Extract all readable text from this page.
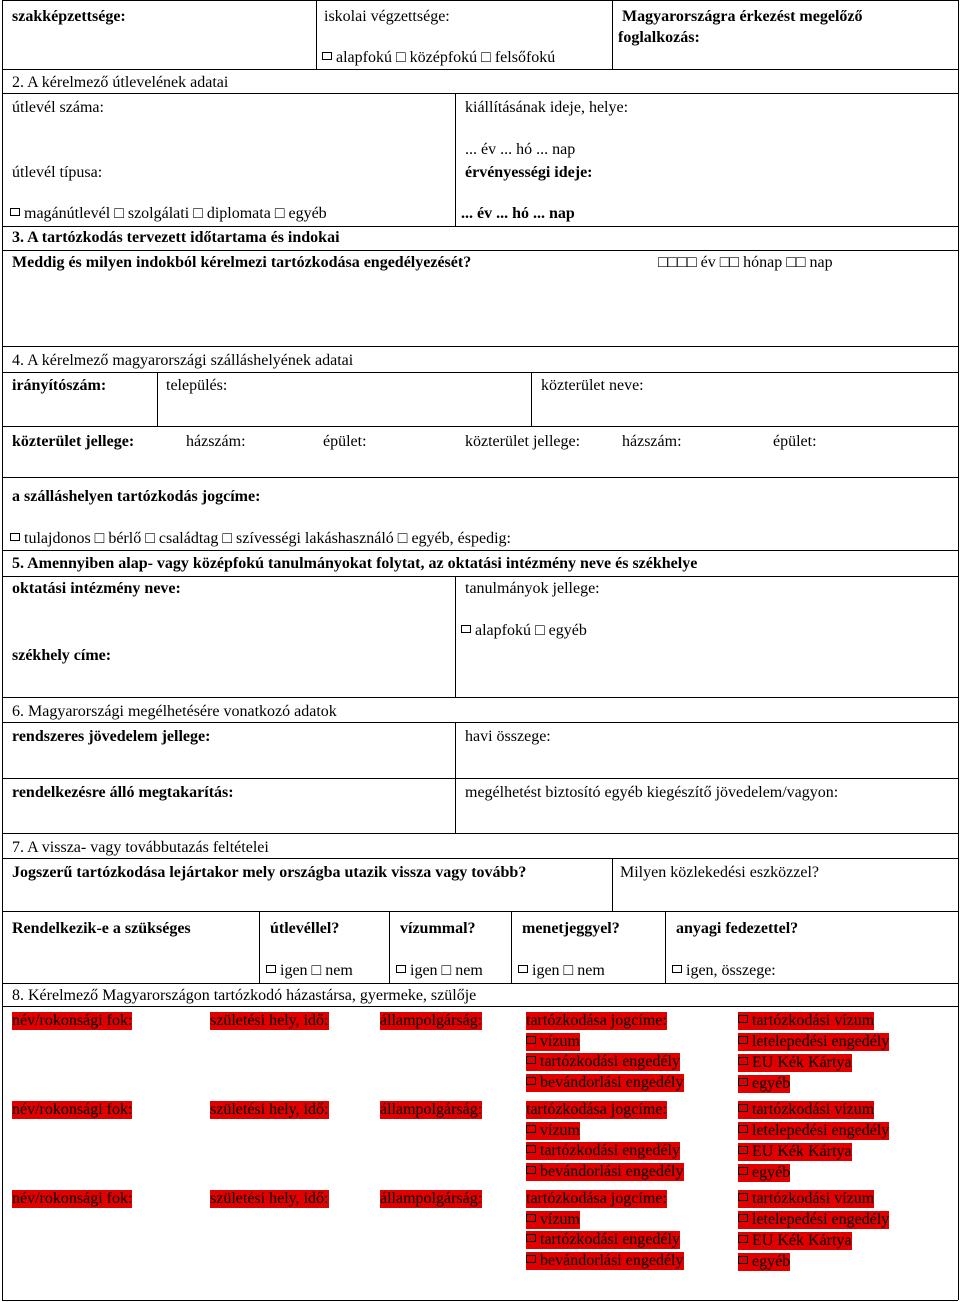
szakképzettsége:	iskolai végzettsége:
alapfokú □ középfokú □ felsőfokú
Magyarországra érkezést megelőző
foglalkozás:
2. A kérelmező útlevelének adatai
útlevél száma:	kiállításának ideje, helye:
... év ... hó ... nap
útlevél típusa:	érvényességi ideje:
magánútlevél □ szolgálati □ diplomata □ egyéb	... év ... hó ... nap
3. A tartózkodás tervezett időtartama és indokai
Meddig és milyen indokból kérelmezi tartózkodása engedélyezését?	□□□□ év □□ hónap □□ nap
4. A kérelmező magyarországi szálláshelyének adatai
irányítószám:	település:	közterület neve:
közterület jellege:	házszám:	épület:	közterület jellege:	házszám:	épület:
a szálláshelyen tartózkodás jogcíme:
tulajdonos □ bérlő □ családtag □ szívességi lakáshasználó □ egyéb, éspedig:
5. Amennyiben alap- vagy középfokú tanulmányokat folytat, az oktatási intézmény neve és székhelye
oktatási intézmény neve:	tanulmányok jellege:
alapfokú □ egyéb
székhely címe:
6. Magyarországi megélhetésére vonatkozó adatok
rendszeres jövedelem jellege:	havi összege:
rendelkezésre álló megtakarítás:	megélhetést biztosító egyéb kiegészítő jövedelem/vagyon:
7. A vissza- vagy továbbutazás feltételei
Jogszerű tartózkodása lejártakor mely országba utazik vissza vagy tovább?	Milyen közlekedési eszközzel?
Rendelkezik-e a szükséges	útlevéllel?	vízummal?	menetjeggyel?	anyagi fedezettel?
igen □ nem	igen □ nem	igen □ nem	igen, összege:
8. Kérelmező Magyarországon tartózkodó házastársa, gyermeke, szülője
név/rokonsági fok:	születési hely, idő:	állampolgárság:	tartózkodása jogcíme:
vízum
tartózkodási engedély
bevándorlási engedély
tartózkodási vízum
letelepedési engedély
EU Kék Kártya
egyéb
név/rokonsági fok:	születési hely, idő:	állampolgárság:	tartózkodása jogcíme:
vízum
tartózkodási engedély
bevándorlási engedély
tartózkodási vízum
letelepedési engedély
EU Kék Kártya
egyéb
név/rokonsági fok:	születési hely, idő:	állampolgárság:	tartózkodása jogcíme:
vízum
tartózkodási engedély
bevándorlási engedély
tartózkodási vízum
letelepedési engedély
EU Kék Kártya
egyéb
